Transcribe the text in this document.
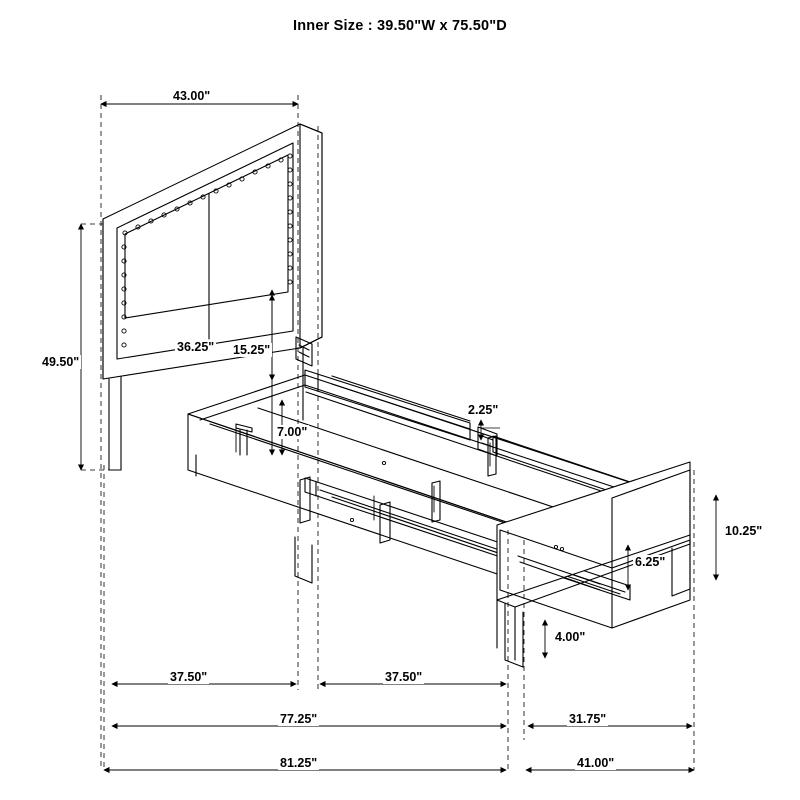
Inner Size : 39.50"W x 75.50"D
43.00"
49.50"
36.25" 15.25"
7.00"
2.25"
10.25"
6.25"
4.00"
37.50"	37.50"
77.25"	31.75"
81.25"	41.00"
